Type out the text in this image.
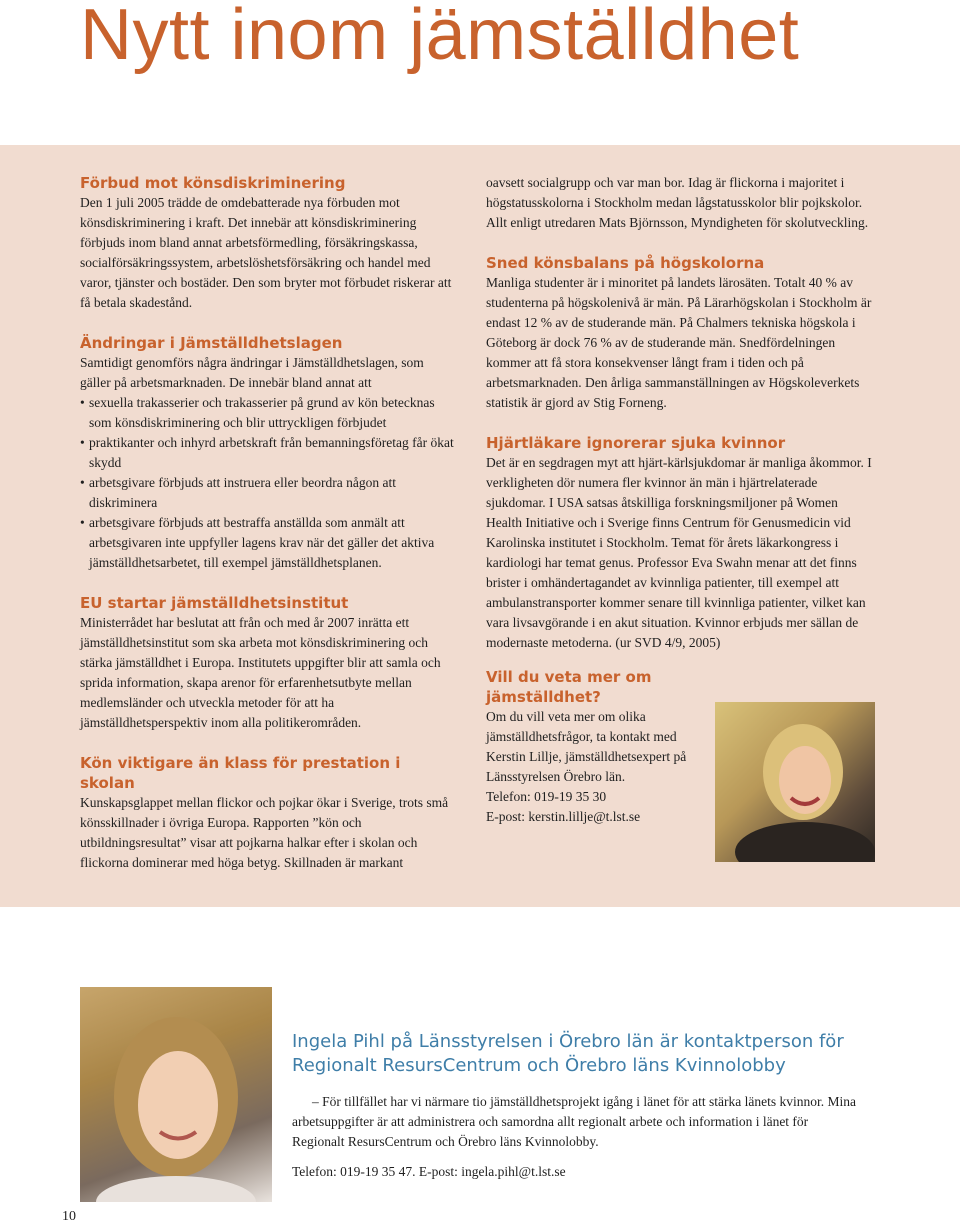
Nytt inom jämställdhet
Förbud mot könsdiskriminering

Den 1 juli 2005 trädde de omdebatterade nya förbuden mot könsdiskriminering i kraft. Det innebär att könsdiskriminering förbjuds inom bland annat arbetsförmedling, försäkringskassa, socialförsäkringssystem, arbetslöshetsförsäkring och handel med varor, tjänster och bostäder. Den som bryter mot förbudet riskerar att få betala skadestånd.

Ändringar i Jämställdhetslagen

Samtidigt genomförs några ändringar i Jämställdhetslagen, som gäller på arbetsmarknaden. De innebär bland annat att

• sexuella trakasserier och trakasserier på grund av kön betecknas som könsdiskriminering och blir uttryckligen förbjudet
• praktikanter och inhyrd arbetskraft från bemanningsföretag får ökat skydd
• arbetsgivare förbjuds att instruera eller beordra någon att diskriminera
• arbetsgivare förbjuds att bestraffa anställda som anmält att arbetsgivaren inte uppfyller lagens krav när det gäller det aktiva jämställdhetsarbetet, till exempel jämställdhetsplanen.
EU startar jämställdhetsinstitut

Ministerrådet har beslutat att från och med år 2007 inrätta ett jämställdhetsinstitut som ska arbeta mot könsdiskriminering och stärka jämställdhet i Europa. Institutets uppgifter blir att samla och sprida information, skapa arenor för erfarenhetsutbyte mellan medlemsländer och utveckla metoder för att ha jämställdhetsperspektiv inom alla politikerområden.

Kön viktigare än klass för prestation i skolan

Kunskapsglappet mellan flickor och pojkar ökar i Sverige, trots små könsskillnader i övriga Europa. Rapporten ”kön och utbildningsresultat” visar att pojkarna halkar efter i skolan och flickorna dominerar med höga betyg. Skillnaden är markant

oavsett socialgrupp och var man bor. Idag är flickorna i majoritet i högstatusskolorna i Stockholm medan lågstatusskolor blir pojkskolor. Allt enligt utredaren Mats Björnsson, Myndigheten för skolutveckling.

Sned könsbalans på högskolorna

Manliga studenter är i minoritet på landets lärosäten. Totalt 40 % av studenterna på högskolenivå är män. På Lärarhögskolan i Stockholm är endast 12 % av de studerande män. På Chalmers tekniska högskola i Göteborg är dock 76 % av de studerande män. Snedfördelningen kommer att få stora konsekvenser långt fram i tiden och på arbetsmarknaden. Den årliga sammanställningen av Högskoleverkets statistik är gjord av Stig Forneng.

Hjärtläkare ignorerar sjuka kvinnor

Det är en segdragen myt att hjärt-kärlsjukdomar är manliga åkommor. I verkligheten dör numera fler kvinnor än män i hjärtrelaterade sjukdomar. I USA satsas åtskilliga forskningsmiljoner på Women Health Initiative och i Sverige finns Centrum för Genusmedicin vid Karolinska institutet i Stockholm. Temat för årets läkarkongress i kardiologi har temat genus. Professor Eva Swahn menar att det finns brister i omhändertagandet av kvinnliga patienter, till exempel att ambulanstransporter kommer senare till kvinnliga patienter, vilket kan vara livsavgörande i en akut situation. Kvinnor erbjuds mer sällan de modernaste metoderna. (ur SVD 4/9, 2005)

Vill du veta mer om jämställdhet?

Om du vill veta mer om olika jämställdhetsfrågor, ta kontakt med Kerstin Lillje, jämställdhetsexpert på Länsstyrelsen Örebro län.

Telefon: 019-19 35 30

E-post: kerstin.lillje@t.lst.se

Ingela Pihl på Länsstyrelsen i Örebro län är kontaktperson för Regionalt ResursCentrum och Örebro läns Kvinnolobby

– För tillfället har vi närmare tio jämställdhetsprojekt igång i länet för att stärka länets kvinnor. Mina arbetsuppgifter är att administrera och samordna allt regionalt arbete och information i länet för Regionalt ResursCentrum och Örebro läns Kvinnolobby.

Telefon: 019-19 35 47. E-post: ingela.pihl@t.lst.se

10
